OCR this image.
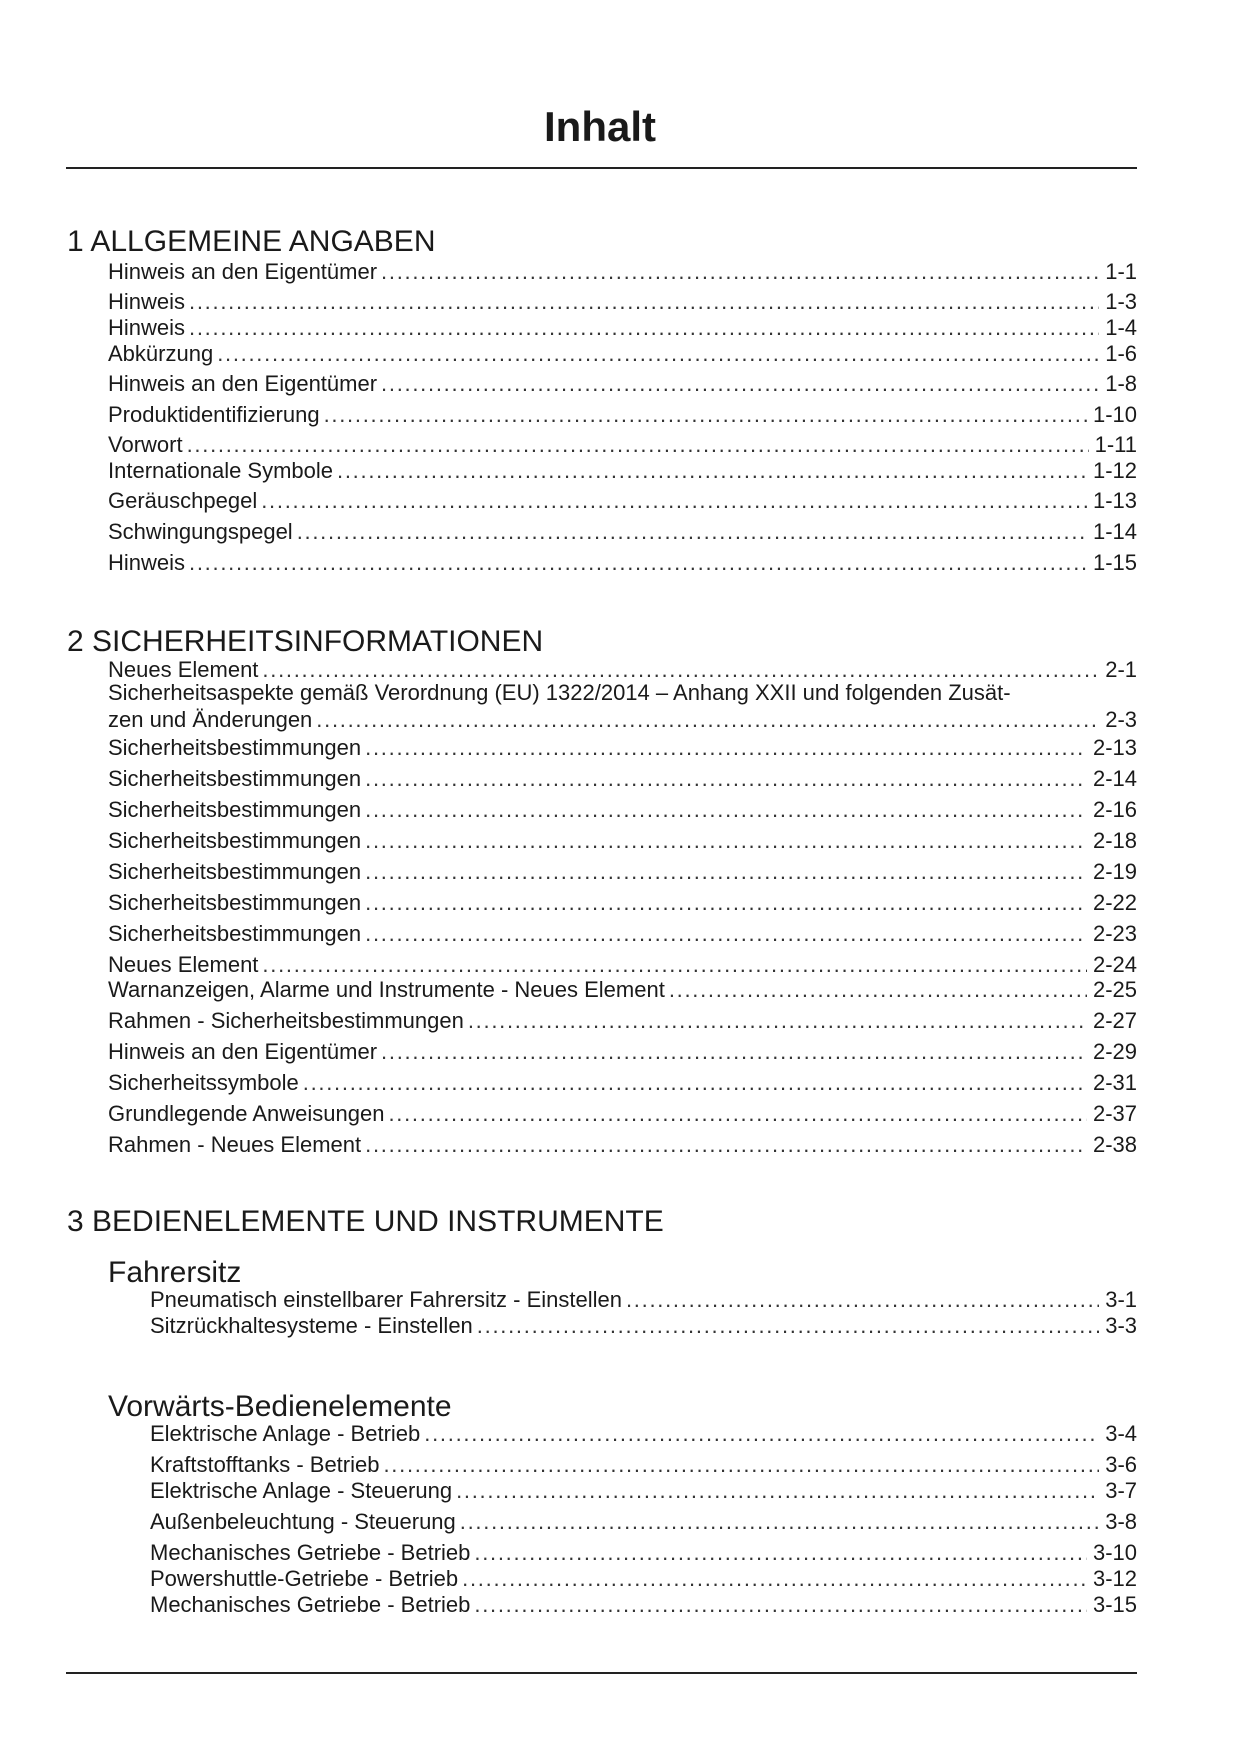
Inhalt
1 ALLGEMEINE ANGABEN
Hinweis an den Eigentümer . . .	1-1
Hinweis . . .	1-3
Hinweis . . .	1-4
Abkürzung . . .	1-6
Hinweis an den Eigentümer . . .	1-8
Produktidentifizierung . . .	1-10
Vorwort . . .	1-11
Internationale Symbole . . .	1-12
Geräuschpegel . . .	1-13
Schwingungspegel . . .	1-14
Hinweis . . .	1-15
2 SICHERHEITSINFORMATIONEN
Neues Element . . .	2-1
Sicherheitsaspekte gemäß Verordnung (EU) 1322/2014 – Anhang XXII und folgenden Zusät-
zen und Änderungen . . .	2-3
Sicherheitsbestimmungen . . .	2-13
Sicherheitsbestimmungen . . .	2-14
Sicherheitsbestimmungen . . .	2-16
Sicherheitsbestimmungen . . .	2-18
Sicherheitsbestimmungen . . .	2-19
Sicherheitsbestimmungen . . .	2-22
Sicherheitsbestimmungen . . .	2-23
Neues Element . . .	2-24
Warnanzeigen, Alarme und Instrumente - Neues Element . . .	2-25
Rahmen - Sicherheitsbestimmungen . . .	2-27
Hinweis an den Eigentümer . . .	2-29
Sicherheitssymbole . . .	2-31
Grundlegende Anweisungen . . .	2-37
Rahmen - Neues Element . . .	2-38
3 BEDIENELEMENTE UND INSTRUMENTE
Fahrersitz
Pneumatisch einstellbarer Fahrersitz - Einstellen . . .	3-1
Sitzrückhaltesysteme - Einstellen . . .	3-3
Vorwärts-Bedienelemente
Elektrische Anlage - Betrieb . . .	3-4
Kraftstofftanks - Betrieb . . .	3-6
Elektrische Anlage - Steuerung . . .	3-7
Außenbeleuchtung - Steuerung . . .	3-8
Mechanisches Getriebe - Betrieb . . .	3-10
Powershuttle-Getriebe - Betrieb . . .	3-12
Mechanisches Getriebe - Betrieb . . .	3-15
